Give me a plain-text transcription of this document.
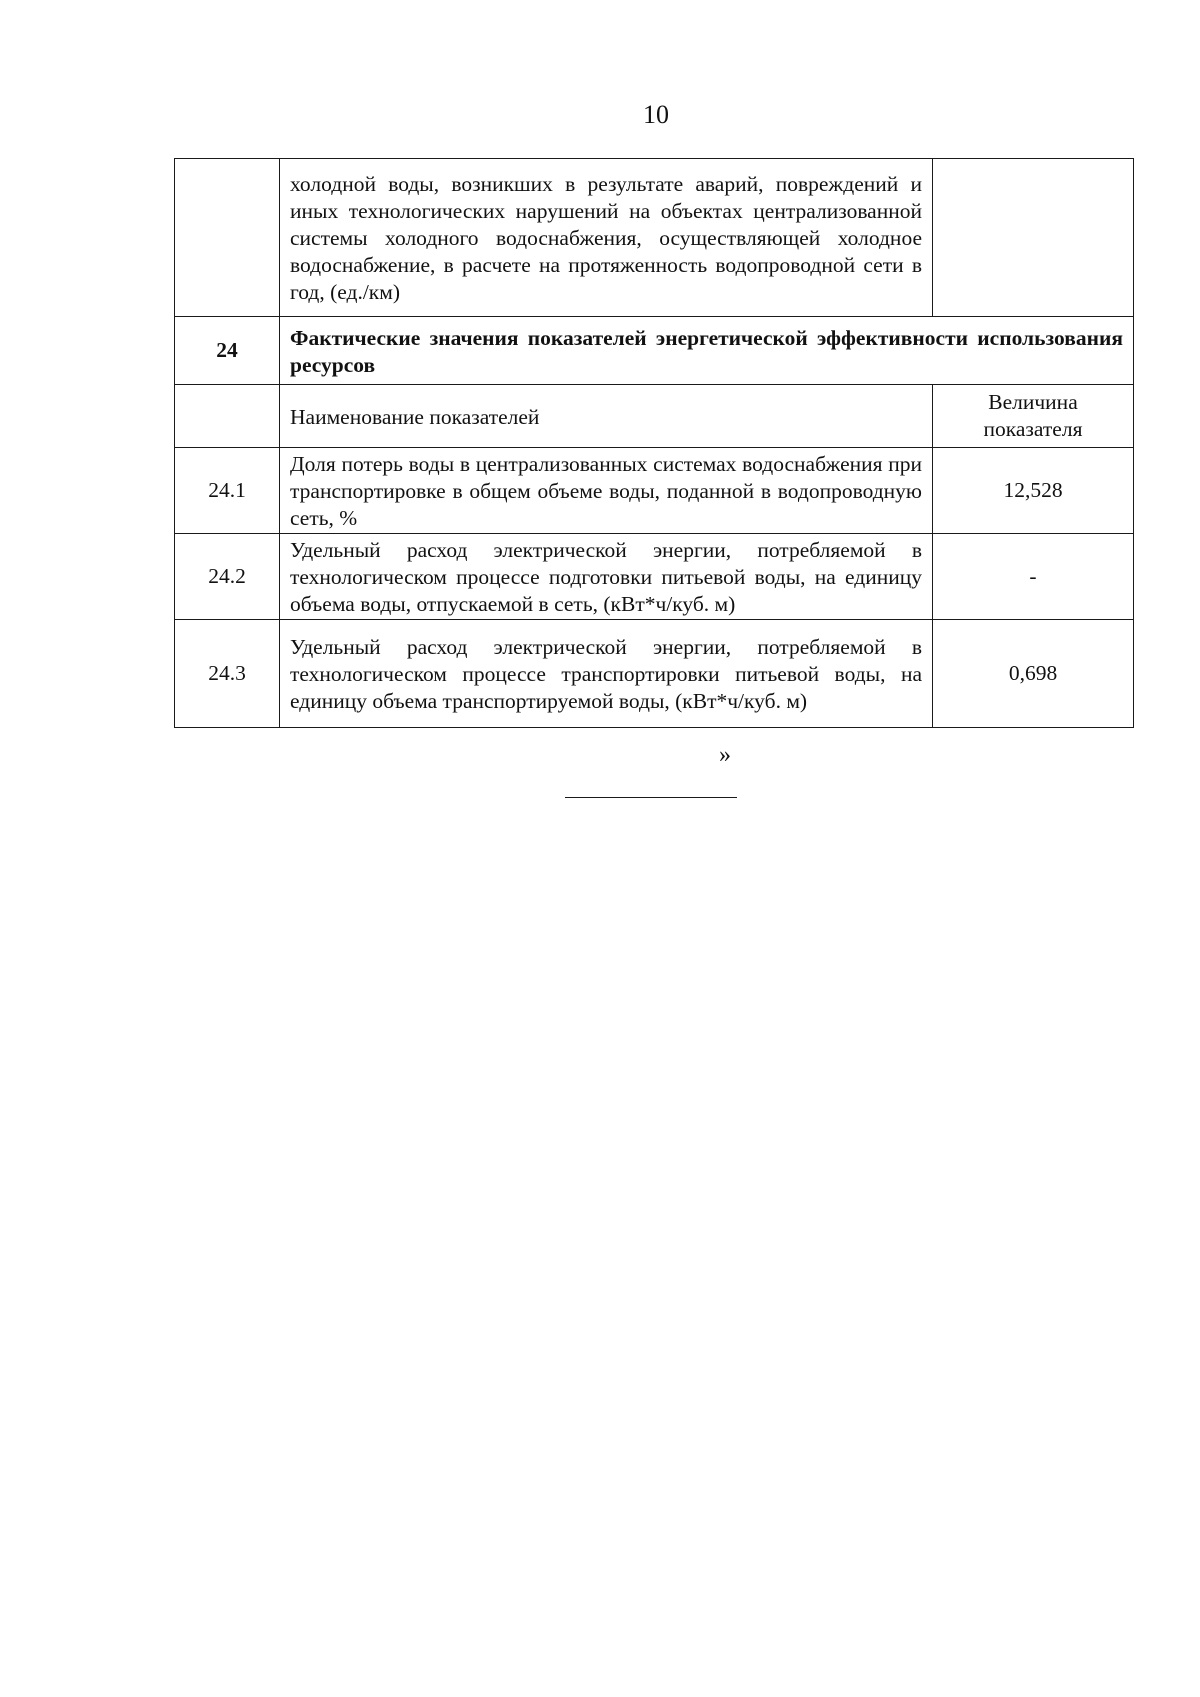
10
	холодной воды, возникших в результате аварий, повреждений и иных технологических нарушений на объектах централизованной системы холодного водоснабжения, осуществляющей холодное водоснабжение, в расчете на протяженность водопроводной сети в год, (ед./км)	
24	Фактические значения показателей энергетической эффективности использования ресурсов	
	Наименование показателей	Величина показателя
24.1	Доля потерь воды в централизованных системах водоснабжения при транспортировке в общем объеме воды, поданной в водопроводную сеть, %	12,528
24.2	Удельный расход электрической энергии, потребляемой в технологическом процессе подготовки питьевой воды, на единицу объема воды, отпускаемой в сеть, (кВт*ч/куб. м)	-
24.3	Удельный расход электрической энергии, потребляемой в технологическом процессе транспортировки питьевой воды, на единицу объема транспортируемой воды, (кВт*ч/куб. м)	0,698
»
